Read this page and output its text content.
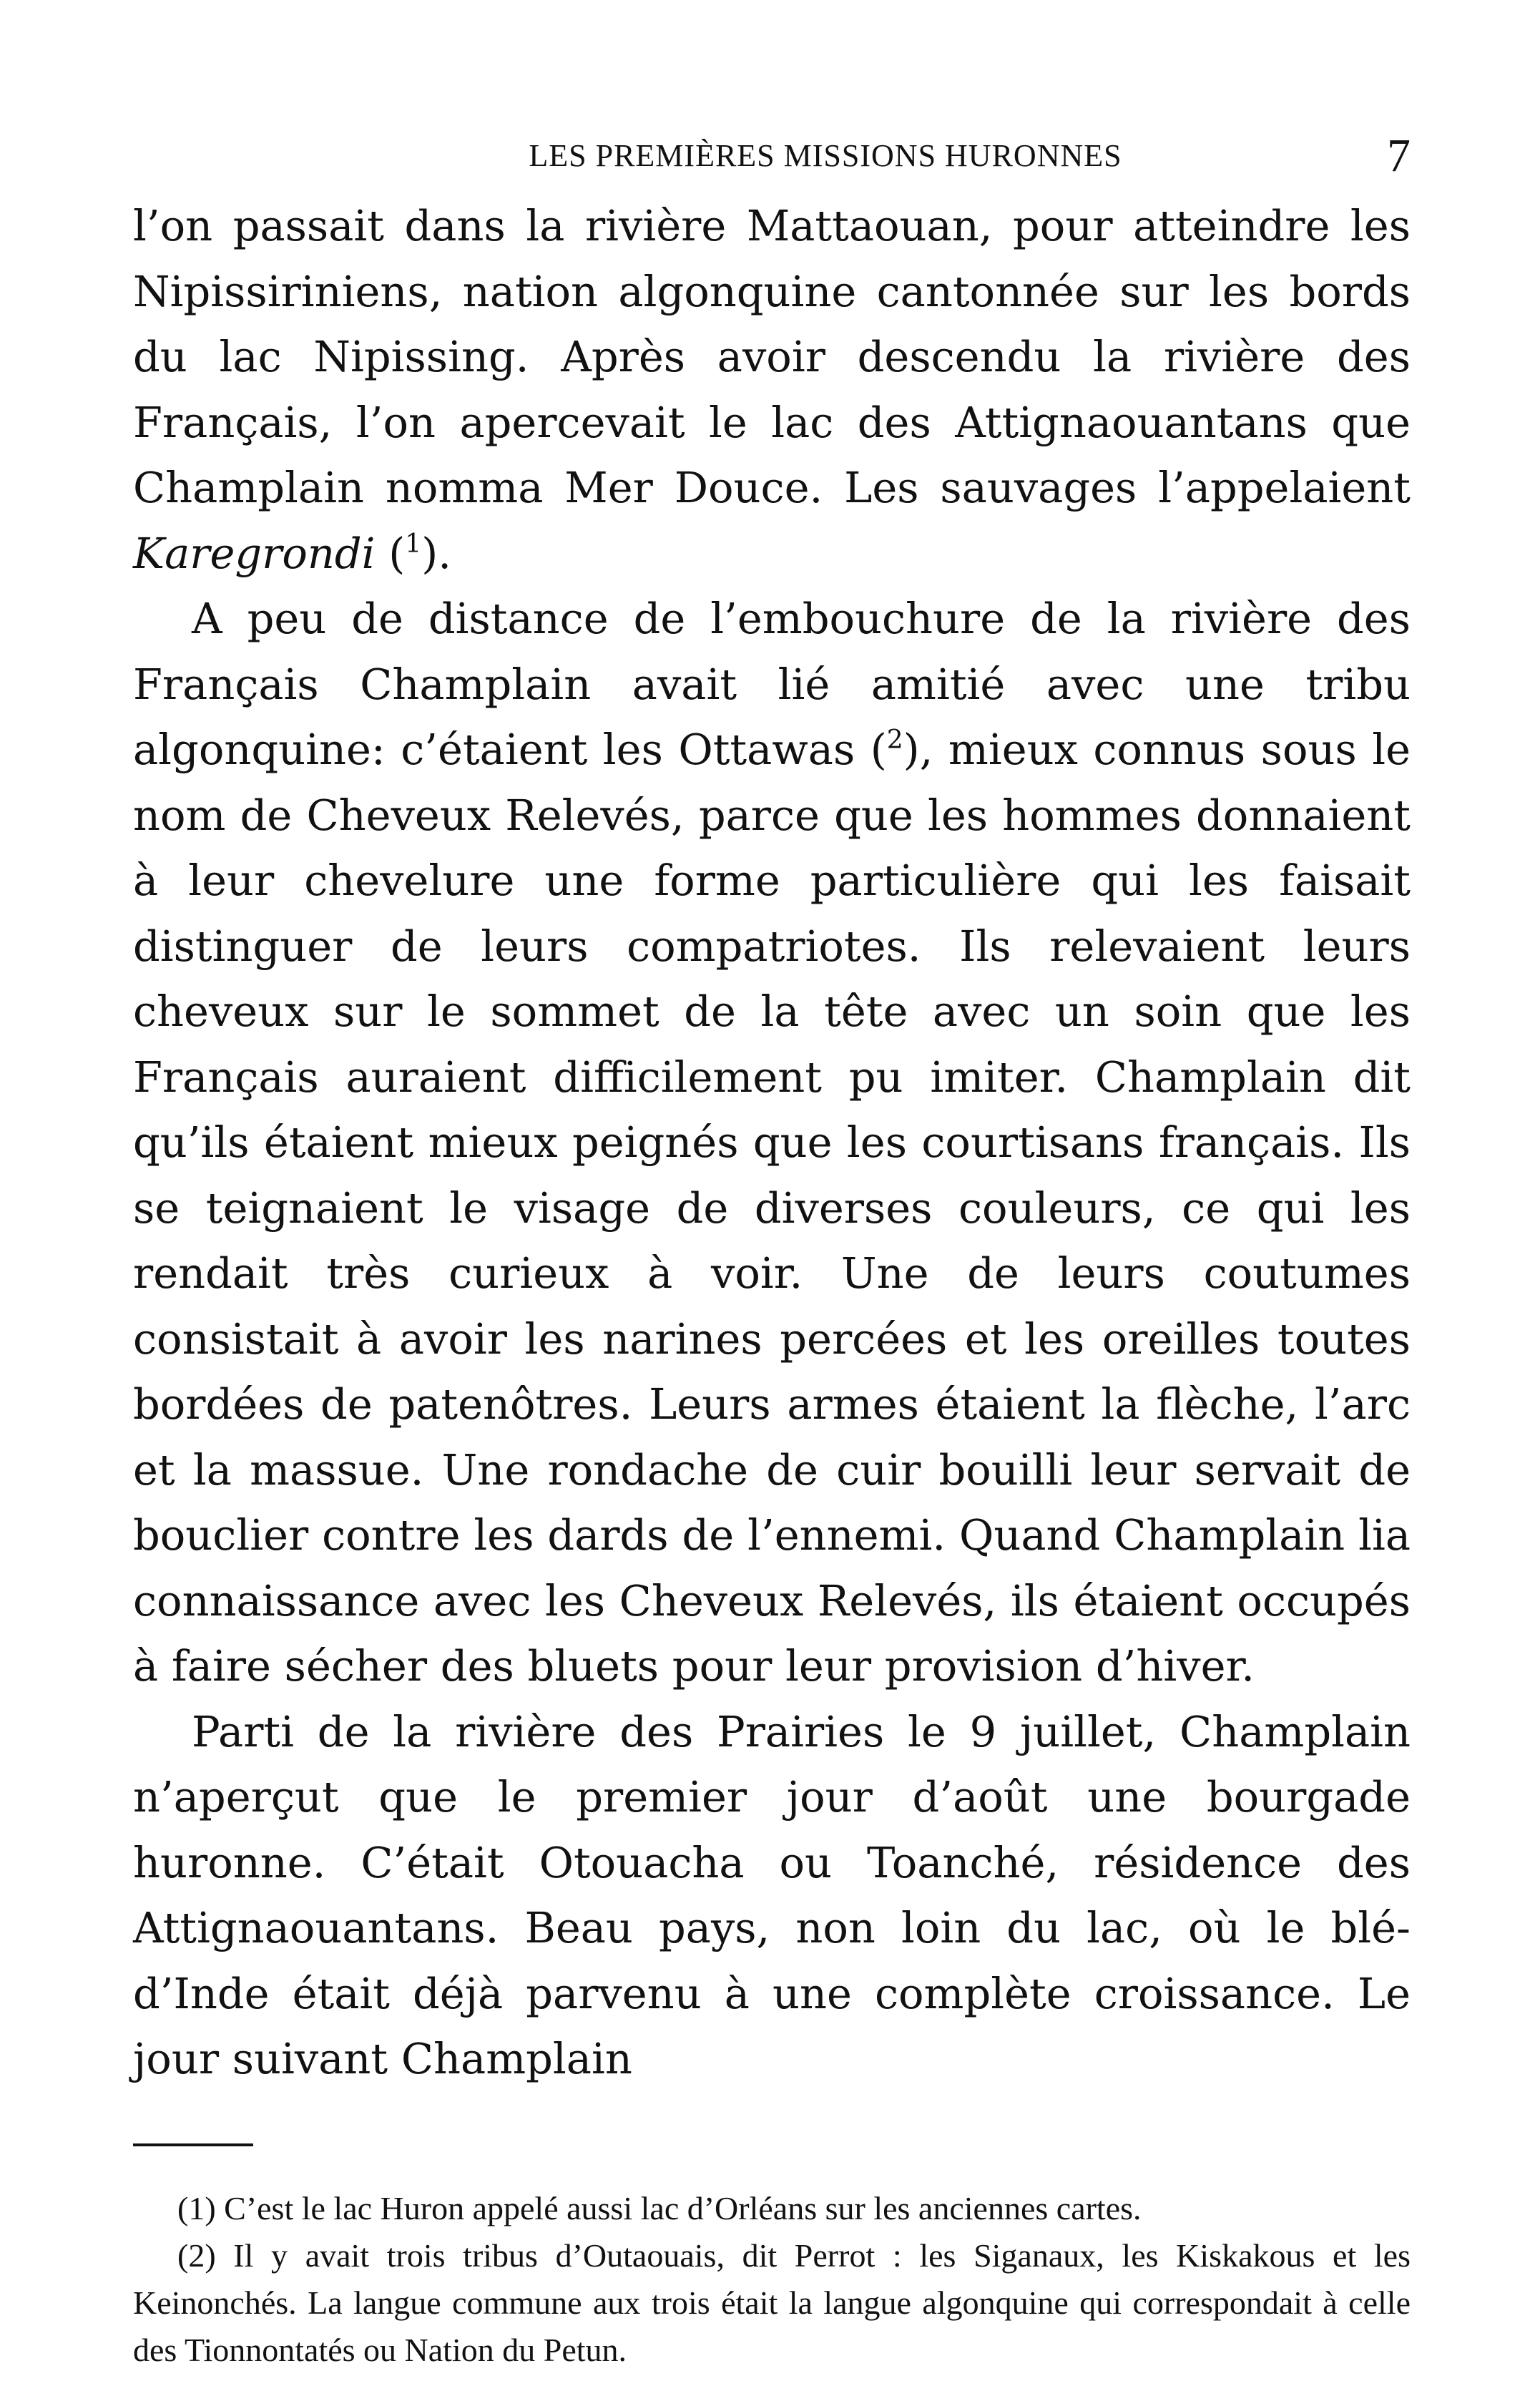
LES PREMIÈRES MISSIONS HURONNES	7

l’on passait dans la rivière Mattaouan, pour atteindre les Nipissiriniens, nation algonquine cantonnée sur les bords du lac Nipissing. Après avoir descendu la rivière des Français, l’on apercevait le lac des Attignaouantans que Champlain nomma Mer Douce. Les sauvages l’appelaient Karegrondi ($^1$).

A peu de distance de l’embouchure de la rivière des Français Champlain avait lié amitié avec une tribu algonquine: c’étaient les Ottawas ($^2$), mieux connus sous le nom de Cheveux Relevés, parce que les hommes donnaient à leur chevelure une forme particulière qui les faisait distinguer de leurs compatriotes. Ils relevaient leurs cheveux sur le sommet de la tête avec un soin que les Français auraient difficilement pu imiter. Champlain dit qu’ils étaient mieux peignés que les courtisans français. Ils se teignaient le visage de diverses couleurs, ce qui les rendait très curieux à voir. Une de leurs coutumes consistait à avoir les narines percées et les oreilles toutes bordées de patenôtres. Leurs armes étaient la flèche, l’arc et la massue. Une rondache de cuir bouilli leur servait de bouclier contre les dards de l’ennemi. Quand Champlain lia connaissance avec les Cheveux Relevés, ils étaient occupés à faire sécher des bluets pour leur provision d’hiver.

Parti de la rivière des Prairies le 9 juillet, Champlain n’aperçut que le premier jour d’août une bourgade huronne. C’était Otouacha ou Toanché, résidence des Attignaouantans. Beau pays, non loin du lac, où le blé-d’Inde était déjà parvenu à une complète croissance. Le jour suivant Champlain

(1) C’est le lac Huron appelé aussi lac d’Orléans sur les anciennes cartes.

(2) Il y avait trois tribus d’Outaouais, dit Perrot : les Siganaux, les Kiskakous et les Keinonchés. La langue commune aux trois était la langue algonquine qui correspondait à celle des Tionnontatés ou Nation du Petun.
